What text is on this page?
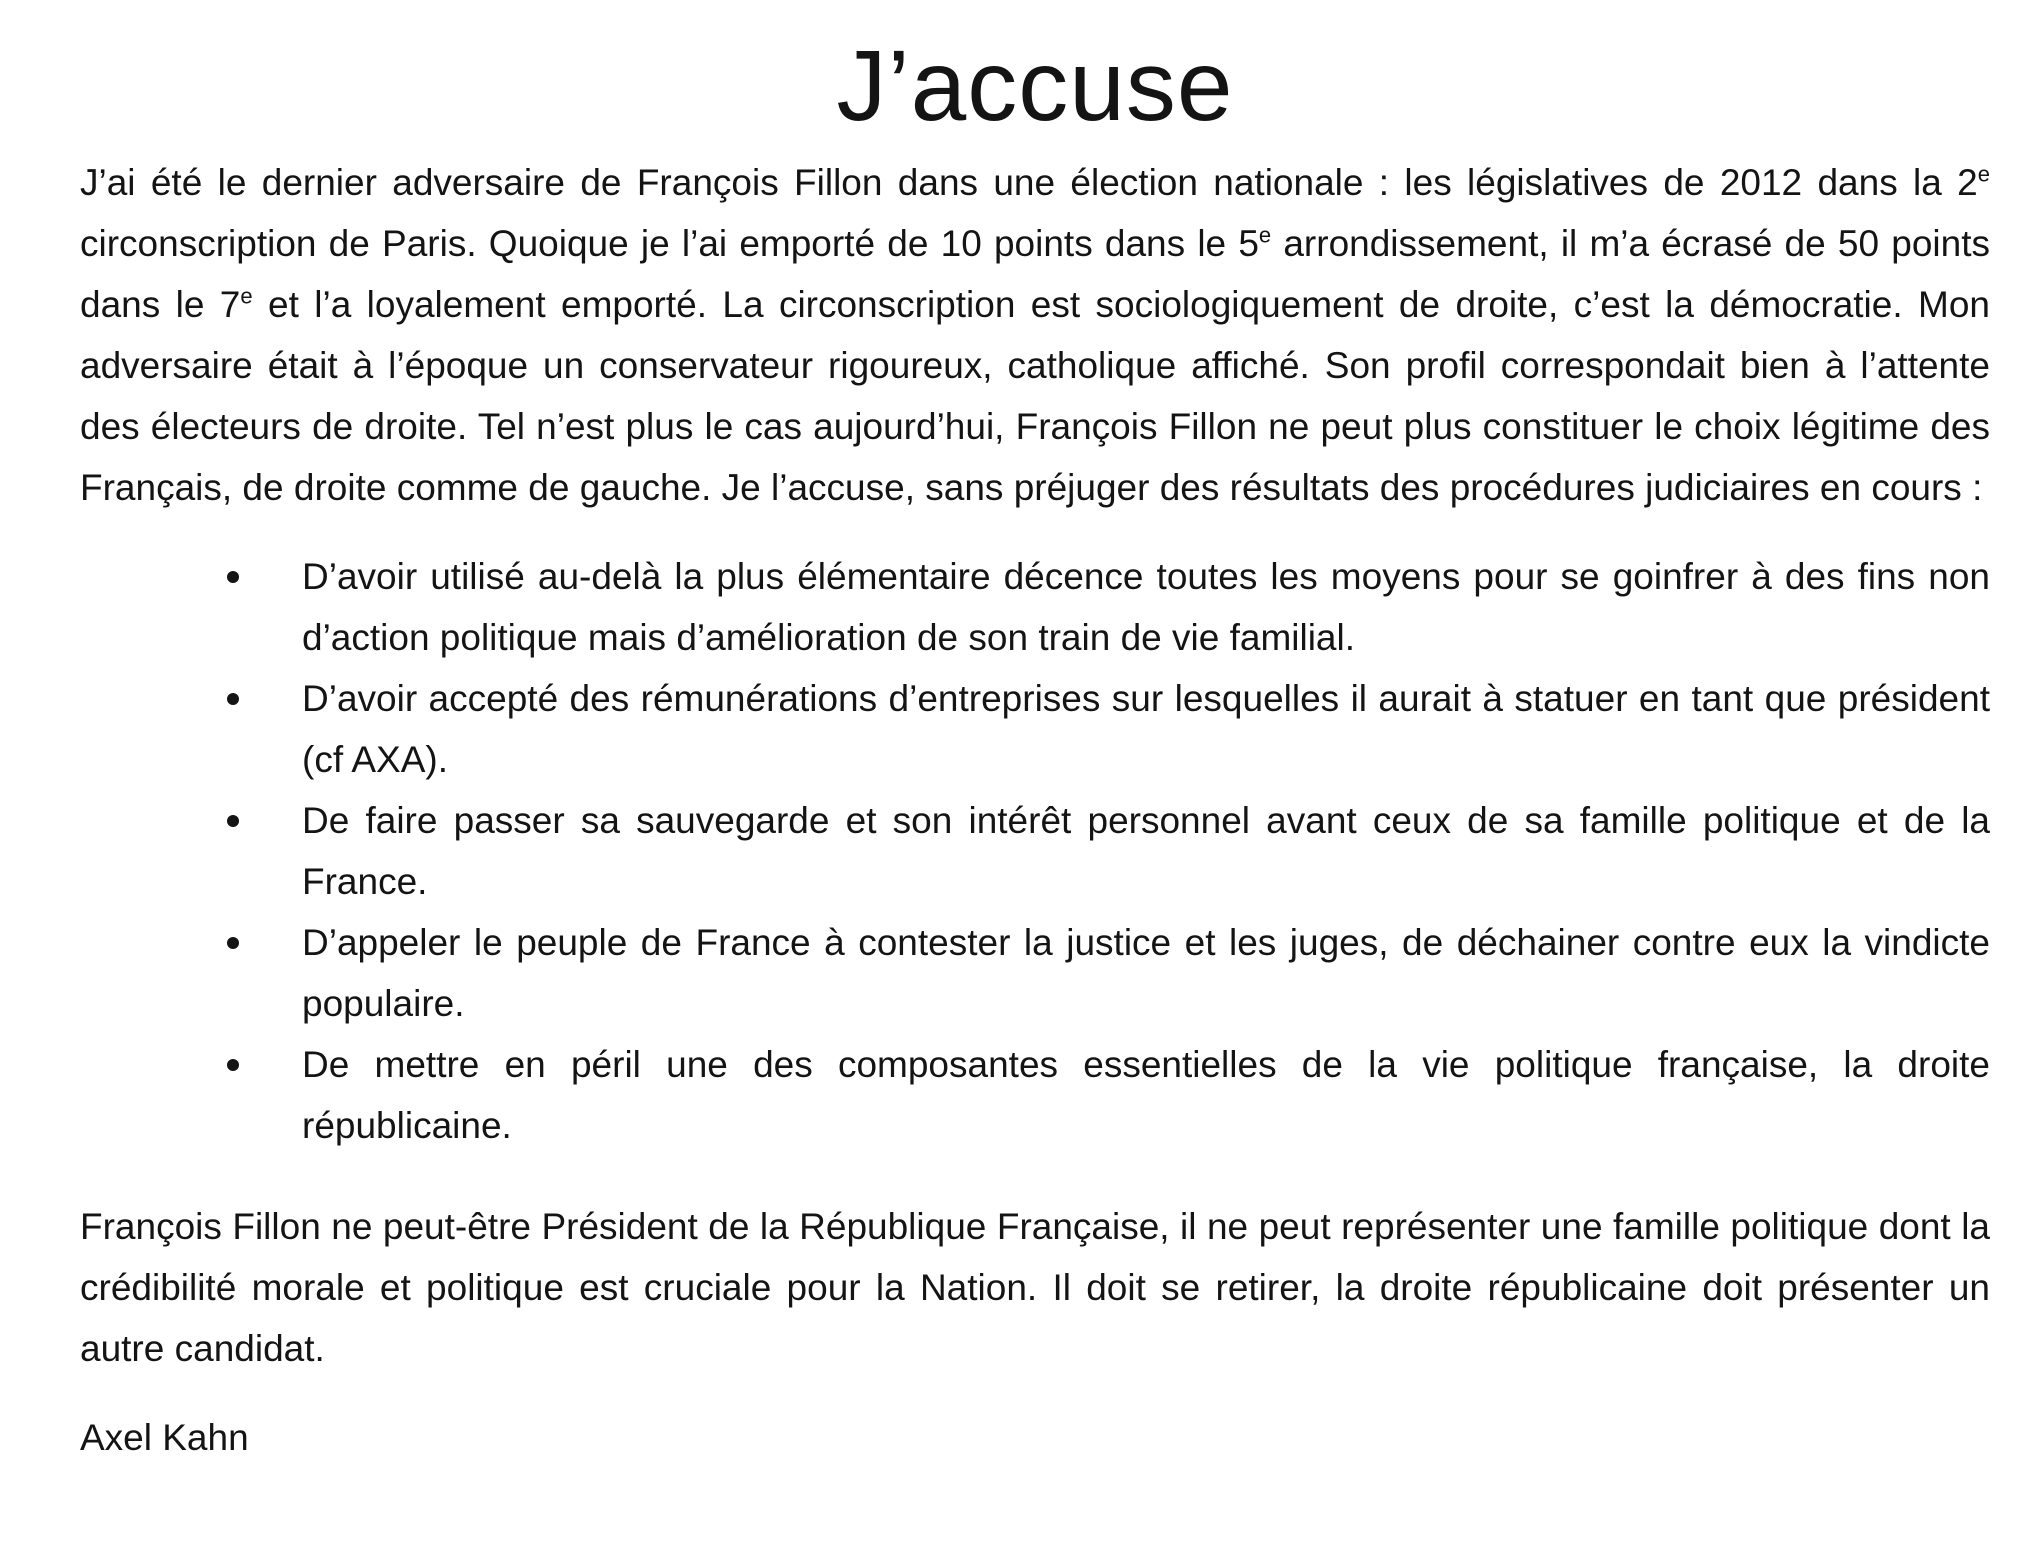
J’accuse

J’ai été le dernier adversaire de François Fillon dans une élection nationale : les législatives de 2012 dans la 2e circonscription de Paris. Quoique je l’ai emporté de 10 points dans le 5e arrondissement, il m’a écrasé de 50 points dans le 7e et l’a loyalement emporté. La circonscription est sociologiquement de droite, c’est la démocratie. Mon adversaire était à l’époque un conservateur rigoureux, catholique affiché. Son profil correspondait bien à l’attente des électeurs de droite. Tel n’est plus le cas aujourd’hui, François Fillon ne peut plus constituer le choix légitime des Français, de droite comme de gauche. Je l’accuse, sans préjuger des résultats des procédures judiciaires en cours :

D’avoir utilisé au-delà la plus élémentaire décence toutes les moyens pour se goinfrer à des fins non d’action politique mais d’amélioration de son train de vie familial.
D’avoir accepté des rémunérations d’entreprises sur lesquelles il aurait à statuer en tant que président (cf AXA).
De faire passer sa sauvegarde et son intérêt personnel avant ceux de sa famille politique et de la France.
D’appeler le peuple de France à contester la justice et les juges, de déchainer contre eux la vindicte populaire.
De mettre en péril une des composantes essentielles de la vie politique française, la droite républicaine.

François Fillon ne peut-être Président de la République Française, il ne peut représenter une famille politique dont la crédibilité morale et politique est cruciale pour la Nation. Il doit se retirer, la droite républicaine doit présenter un autre candidat.

Axel Kahn
